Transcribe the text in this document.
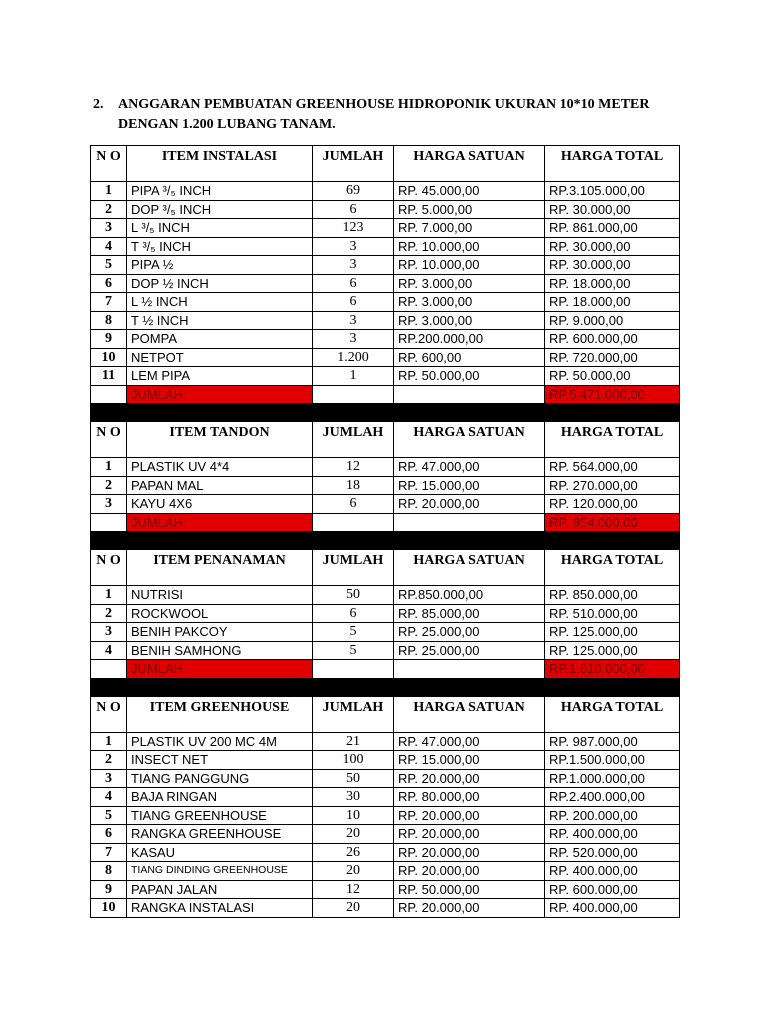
2. ANGGARAN PEMBUATAN GREENHOUSE HIDROPONIK UKURAN 10*10 METER DENGAN 1.200 LUBANG TANAM.
N O	ITEM INSTALASI	JUMLAH	HARGA SATUAN	HARGA TOTAL
1	PIPA ³/₅ INCH	69	RP. 45.000,00	RP.3.105.000,00
2	DOP ³/₅ INCH	6	RP. 5.000,00	RP. 30.000,00
3	L ³/₅ INCH	123	RP. 7.000,00	RP. 861.000,00
4	T ³/₅ INCH	3	RP. 10.000,00	RP. 30.000,00
5	PIPA ½	3	RP. 10.000,00	RP. 30.000,00
6	DOP ½ INCH	6	RP. 3.000,00	RP. 18.000,00
7	L ½ INCH	6	RP. 3.000,00	RP. 18.000,00
8	T ½ INCH	3	RP. 3.000,00	RP. 9.000,00
9	POMPA	3	RP.200.000,00	RP. 600.000,00
10	NETPOT	1.200	RP. 600,00	RP. 720.000,00
11	LEM PIPA	1	RP. 50.000,00	RP. 50.000,00
	JUMLAH			RP.5.471.000,00

N O	ITEM TANDON	JUMLAH	HARGA SATUAN	HARGA TOTAL
1	PLASTIK UV 4*4	12	RP. 47.000,00	RP. 564.000,00
2	PAPAN MAL	18	RP. 15.000,00	RP. 270.000,00
3	KAYU 4X6	6	RP. 20.000,00	RP. 120.000,00
	JUMLAH			RP. 954.000,00

N O	ITEM PENANAMAN	JUMLAH	HARGA SATUAN	HARGA TOTAL
1	NUTRISI	50	RP.850.000,00	RP. 850.000,00
2	ROCKWOOL	6	RP. 85.000,00	RP. 510.000,00
3	BENIH PAKCOY	5	RP. 25.000,00	RP. 125.000,00
4	BENIH SAMHONG	5	RP. 25.000,00	RP. 125.000,00
	JUMLAH			RP.1.610.000,00

N O	ITEM GREENHOUSE	JUMLAH	HARGA SATUAN	HARGA TOTAL
1	PLASTIK UV 200 MC 4M	21	RP. 47.000,00	RP. 987.000,00
2	INSECT NET	100	RP. 15.000,00	RP.1.500.000,00
3	TIANG PANGGUNG	50	RP. 20.000,00	RP.1.000.000,00
4	BAJA RINGAN	30	RP. 80.000,00	RP.2.400.000,00
5	TIANG GREENHOUSE	10	RP. 20.000,00	RP. 200.000,00
6	RANGKA GREENHOUSE	20	RP. 20.000,00	RP. 400.000,00
7	KASAU	26	RP. 20.000,00	RP. 520.000,00
8	TIANG DINDING GREENHOUSE	20	RP. 20.000,00	RP. 400.000,00
9	PAPAN JALAN	12	RP. 50.000,00	RP. 600.000,00
10	RANGKA INSTALASI	20	RP. 20.000,00	RP. 400.000,00
